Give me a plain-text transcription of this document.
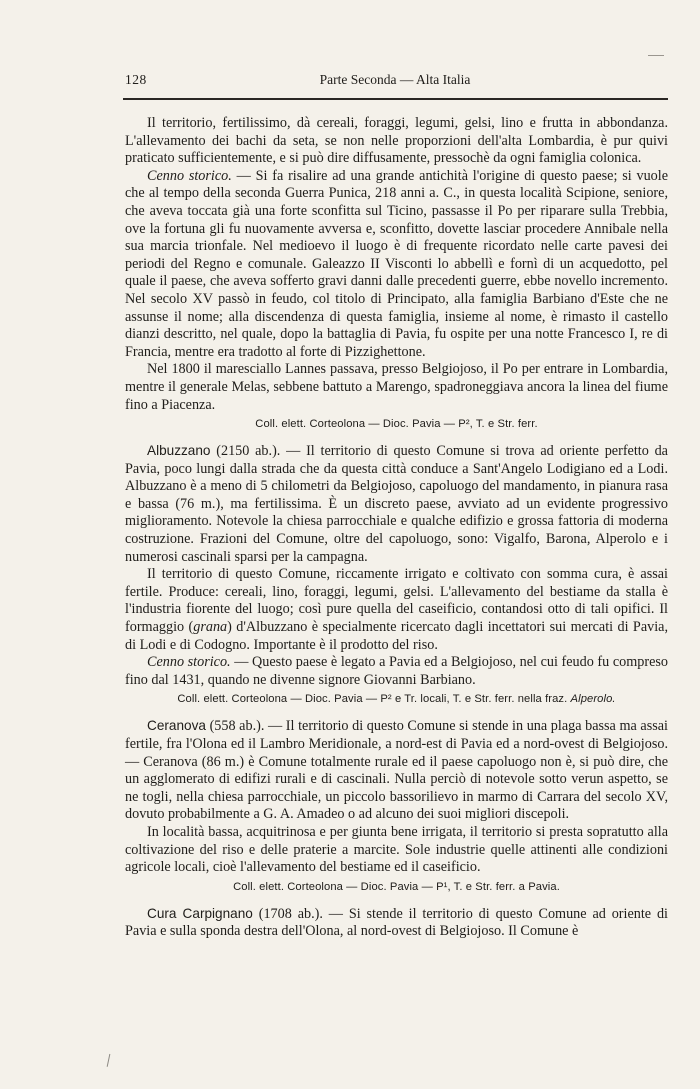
128	Parte Seconda — Alta Italia

Il territorio, fertilissimo, dà cereali, foraggi, legumi, gelsi, lino e frutta in abbondanza. L'allevamento dei bachi da seta, se non nelle proporzioni dell'alta Lombardia, è pur quivi praticato sufficientemente, e si può dire diffusamente, pressochè da ogni famiglia colonica.

Cenno storico. — Si fa risalire ad una grande antichità l'origine di questo paese; si vuole che al tempo della seconda Guerra Punica, 218 anni a. C., in questa località Scipione, seniore, che aveva toccata già una forte sconfitta sul Ticino, passasse il Po per riparare sulla Trebbia, ove la fortuna gli fu nuovamente avversa e, sconfitto, dovette lasciar procedere Annibale nella sua marcia trionfale. Nel medioevo il luogo è di frequente ricordato nelle carte pavesi dei periodi del Regno e comunale. Galeazzo II Visconti lo abbellì e fornì di un acquedotto, pel quale il paese, che aveva sofferto gravi danni dalle precedenti guerre, ebbe novello incremento. Nel secolo XV passò in feudo, col titolo di Principato, alla famiglia Barbiano d'Este che ne assunse il nome; alla discendenza di questa famiglia, insieme al nome, è rimasto il castello dianzi descritto, nel quale, dopo la battaglia di Pavia, fu ospite per una notte Francesco I, re di Francia, mentre era tradotto al forte di Pizzighettone.

Nel 1800 il maresciallo Lannes passava, presso Belgiojoso, il Po per entrare in Lombardia, mentre il generale Melas, sebbene battuto a Marengo, spadroneggiava ancora la linea del fiume fino a Piacenza.

Coll. elett. Corteolona — Dioc. Pavia — P², T. e Str. ferr.

Albuzzano (2150 ab.). — Il territorio di questo Comune si trova ad oriente perfetto da Pavia, poco lungi dalla strada che da questa città conduce a Sant'Angelo Lodigiano ed a Lodi. Albuzzano è a meno di 5 chilometri da Belgiojoso, capoluogo del mandamento, in pianura rasa e bassa (76 m.), ma fertilissima. È un discreto paese, avviato ad un evidente progressivo miglioramento. Notevole la chiesa parrocchiale e qualche edifizio e grossa fattoria di moderna costruzione. Frazioni del Comune, oltre del capoluogo, sono: Vigalfo, Barona, Alperolo e i numerosi cascinali sparsi per la campagna.

Il territorio di questo Comune, riccamente irrigato e coltivato con somma cura, è assai fertile. Produce: cereali, lino, foraggi, legumi, gelsi. L'allevamento del bestiame da stalla è l'industria fiorente del luogo; così pure quella del caseificio, contandosi otto di tali opifici. Il formaggio (grana) d'Albuzzano è specialmente ricercato dagli incettatori sui mercati di Pavia, di Lodi e di Codogno. Importante è il prodotto del riso.

Cenno storico. — Questo paese è legato a Pavia ed a Belgiojoso, nel cui feudo fu compreso fino dal 1431, quando ne divenne signore Giovanni Barbiano.

Coll. elett. Corteolona — Dioc. Pavia — P² e Tr. locali, T. e Str. ferr. nella fraz. Alperolo.

Ceranova (558 ab.). — Il territorio di questo Comune si stende in una plaga bassa ma assai fertile, fra l'Olona ed il Lambro Meridionale, a nord-est di Pavia ed a nord-ovest di Belgiojoso. — Ceranova (86 m.) è Comune totalmente rurale ed il paese capoluogo non è, si può dire, che un agglomerato di edifizi rurali e di cascinali. Nulla perciò di notevole sotto verun aspetto, se ne togli, nella chiesa parrocchiale, un piccolo bassorilievo in marmo di Carrara del secolo XV, dovuto probabilmente a G. A. Amadeo o ad alcuno dei suoi migliori discepoli.

In località bassa, acquitrinosa e per giunta bene irrigata, il territorio si presta sopratutto alla coltivazione del riso e delle praterie a marcite. Sole industrie quelle attinenti alle condizioni agricole locali, cioè l'allevamento del bestiame ed il caseificio.

Coll. elett. Corteolona — Dioc. Pavia — P¹, T. e Str. ferr. a Pavia.

Cura Carpignano (1708 ab.). — Si stende il territorio di questo Comune ad oriente di Pavia e sulla sponda destra dell'Olona, al nord-ovest di Belgiojoso. Il Comune è
